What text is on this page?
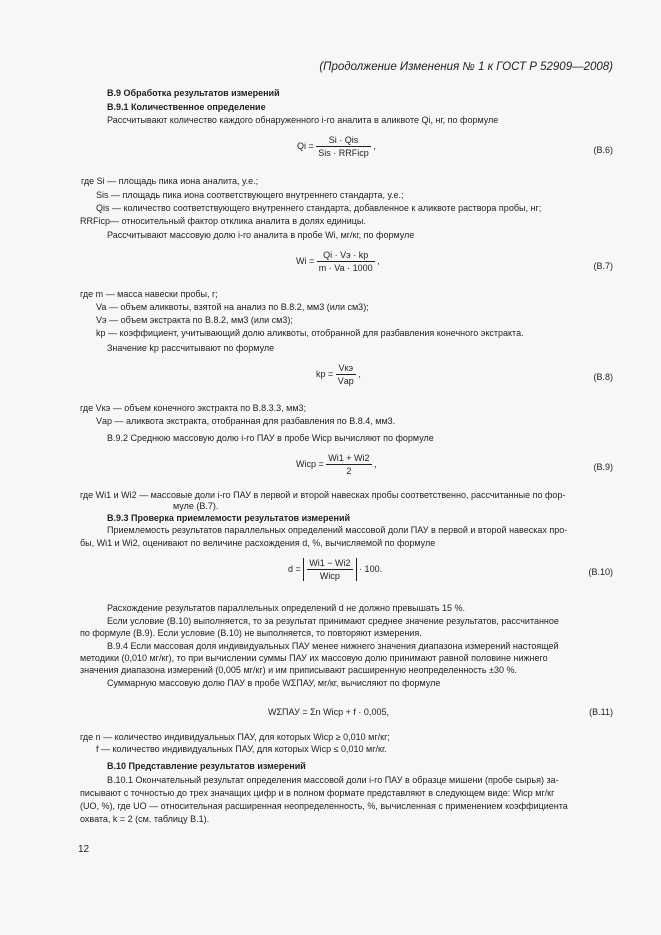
(Продолжение Изменения № 1 к ГОСТ Р 52909—2008)
В.9 Обработка результатов измерений
В.9.1 Количественное определение
Рассчитывают количество каждого обнаруженного i-го аналита в аликвоте Qi, нг, по формуле
$Qi = \frac{\text{Si · Qis}}{\text{Sis · RRFiср}}$ ,	(В.6)
где Si — площадь пика иона аналита, у.е.;
Sis — площадь пика иона соответствующего внутреннего стандарта, у.е.;
Qis — количество соответствующего внутреннего стандарта, добавленное к аликвоте раствора пробы, нг;
RRFiср— относительный фактор отклика аналита в долях единицы.
Рассчитывают массовую долю i-го аналита в пробе Wi, мг/кг, по формуле
$Wi = \frac{Qi \cdot Vэ \cdot kр}{m \cdot Va \cdot 1000}$ ,
(В.7)
где m — масса навески пробы, г;
Va — объем аликвоты, взятой на анализ по В.8.2, мм3 (или см3);
Vэ — объем экстракта по В.8.2, мм3 (или см3);
kр — коэффициент, учитывающий долю аликвоты, отобранной для разбавления конечного экстракта.
Значение kр рассчитывают по формуле
kр = $\frac{\text{Vкэ}}{\text{Vар}}$ ,	(В.8)
где Vкэ — объем конечного экстракта по В.8.3.3, мм3;
Vар — аликвота экстракта, отобранная для разбавления по В.8.4, мм3.
В.9.2 Среднюю массовую долю i-го ПАУ в пробе Wiср вычисляют по формуле
Wiср = $\frac{Wi1 + Wi2}{2}$ ,	(В.9)
где Wi1 и Wi2 — массовые доли i-го ПАУ в первой и второй навесках пробы соответственно, рассчитанные по фор-
муле (В.7).
В.9.3 Проверка приемлемости результатов измерений
Приемлемость результатов параллельных определений массовой доли ПАУ в первой и второй навесках про-
бы, Wi1 и Wi2, оценивают по величине расхождения d, %, вычисляемой по формуле
$d = \frac{Wi1 - Wi2}{\text{Wiср}} \cdot 100$.	(В.10)
Расхождение результатов параллельных определений d не должно превышать 15 %.
Если условие (В.10) выполняется, то за результат принимают среднее значение результатов, рассчитанное
по формуле (В.9). Если условие (В.10) не выполняется, то повторяют измерения.
В.9.4 Если массовая доля индивидуальных ПАУ менее нижнего значения диапазона измерений настоящей
методики (0,010 мг/кг), то при вычислении суммы ПАУ их массовую долю принимают равной половине нижнего
значения диапазона измерений (0,005 мг/кг) и им приписывают расширенную неопределенность ±30 %.
Суммарную массовую долю ПАУ в пробе WΣПАУ, мг/кг, вычисляют по формуле
WΣПАУ = Σn Wiср + f · 0,005,	(В.11)
где n — количество индивидуальных ПАУ, для которых Wiср ≥ 0,010 мг/кг;
f — количество индивидуальных ПАУ, для которых Wiср ≤ 0,010 мг/кг.
В.10 Представление результатов измерений
В.10.1 Окончательный результат определения массовой доли i-го ПАУ в образце мишени (пробе сырья) за-
писывают с точностью до трех значащих цифр и в полном формате представляют в следующем виде: Wiср мг/кг
(UO, %), где UO — относительная расширенная неопределенность, %, вычисленная с применением коэффициента
охвата, k = 2 (см. таблицу В.1).
12
